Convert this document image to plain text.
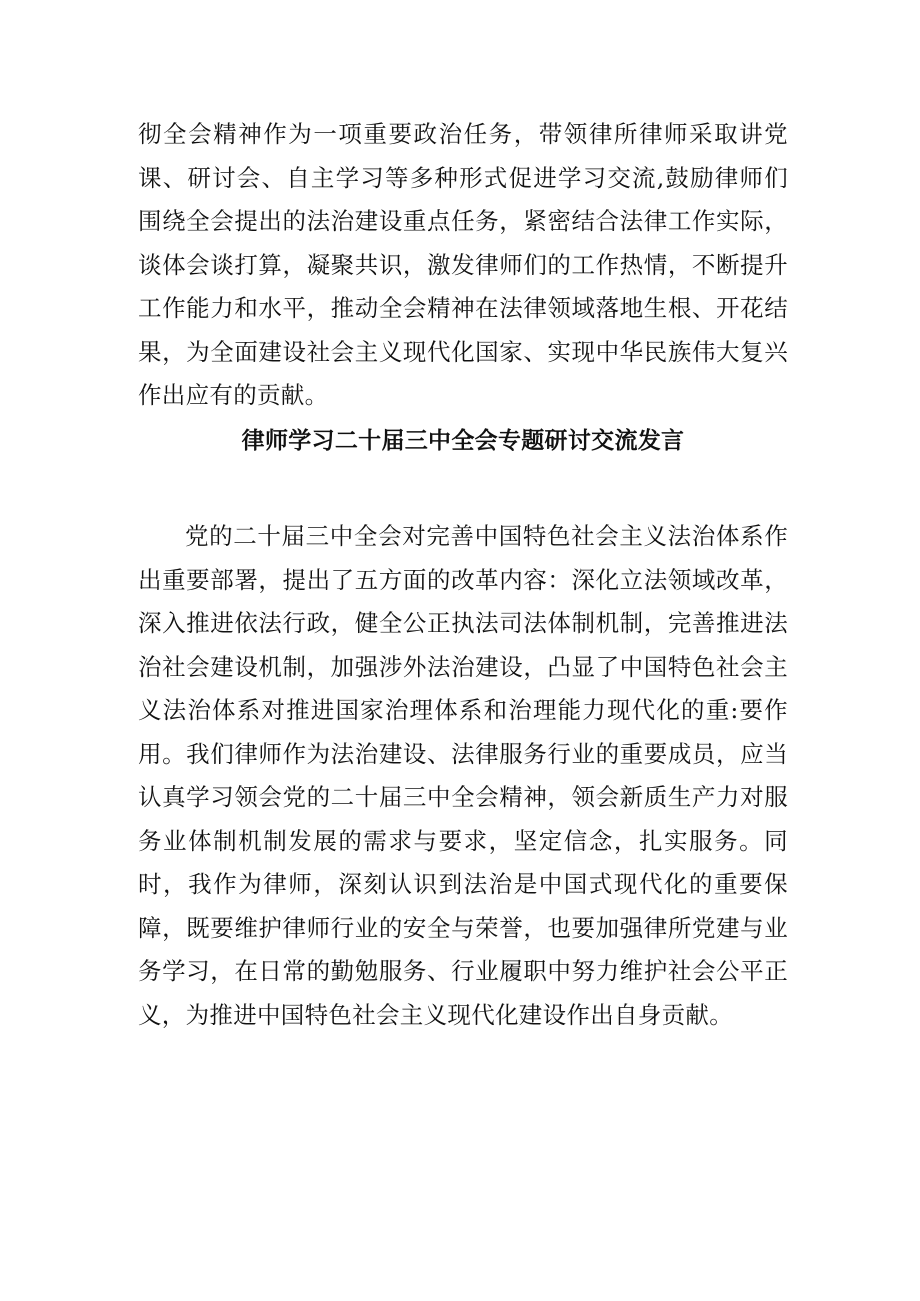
彻全会精神作为一项重要政治任务，带领律所律师采取讲党课、研讨会、自主学习等多种形式促进学习交流,鼓励律师们围绕全会提出的法治建设重点任务，紧密结合法律工作实际，谈体会谈打算，凝聚共识，激发律师们的工作热情，不断提升工作能力和水平，推动全会精神在法律领域落地生根、开花结果，为全面建设社会主义现代化国家、实现中华民族伟大复兴作出应有的贡献。

律师学习二十届三中全会专题研讨交流发言

党的二十届三中全会对完善中国特色社会主义法治体系作出重要部署，提出了五方面的改革内容：深化立法领域改革，深入推进依法行政，健全公正执法司法体制机制，完善推进法治社会建设机制，加强涉外法治建设，凸显了中国特色社会主义法治体系对推进国家治理体系和治理能力现代化的重:要作用。我们律师作为法治建设、法律服务行业的重要成员，应当认真学习领会党的二十届三中全会精神，领会新质生产力对服务业体制机制发展的需求与要求，坚定信念，扎实服务。同时，我作为律师，深刻认识到法治是中国式现代化的重要保障，既要维护律师行业的安全与荣誉，也要加强律所党建与业务学习，在日常的勤勉服务、行业履职中努力维护社会公平正义，为推进中国特色社会主义现代化建设作出自身贡献。
